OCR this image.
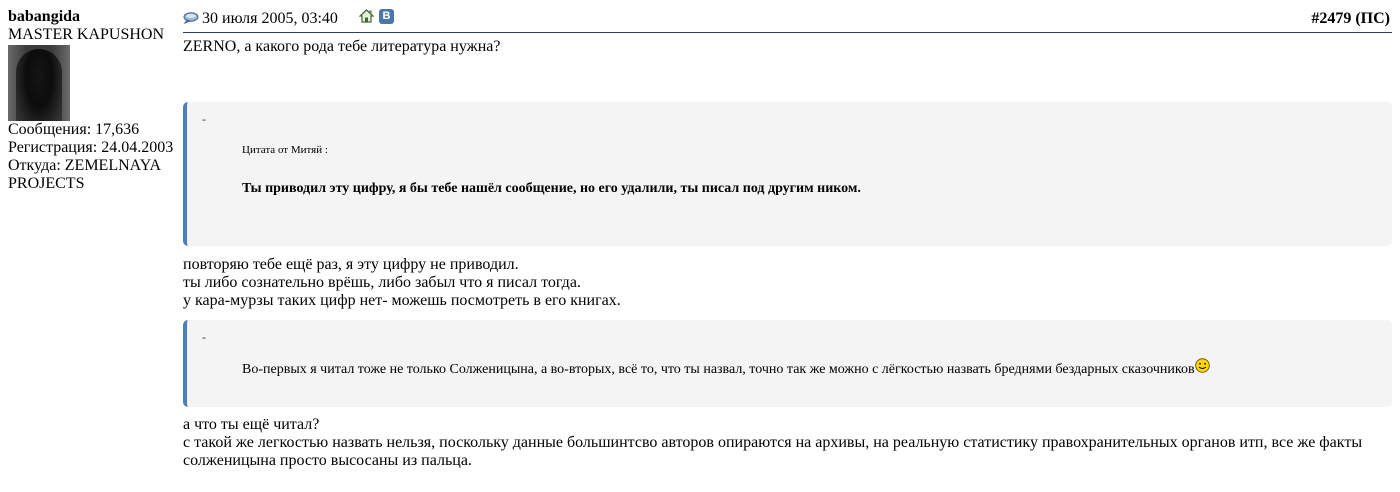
babangida
MASTER KAPUSHON
Сообщения: 17,636
Регистрация: 24.04.2003
Откуда: ZEMELNAYA PROJECTS
30 июля 2005, 03:40	B	#2479 (ПС)
ZERNO, а какого рода тебе литература нужна?
-
Цитата от Митяй :
Ты приводил эту цифру, я бы тебе нашёл сообщение, но его удалили, ты писал под другим ником.
повторяю тебе ещё раз, я эту цифру не приводил.
ты либо сознательно врёшь, либо забыл что я писал тогда.
у кара-мурзы таких цифр нет- можешь посмотреть в его книгах.
-
Во-первых я читал тоже не только Солженицына, а во-вторых, всё то, что ты назвал, точно так же можно с лёгкостью назвать бреднями бездарных сказочников
а что ты ещё читал?
с такой же легкостью назвать нельзя, поскольку данные большинтсво авторов опираются на архивы, на реальную статистику правохранительных органов итп, все же факты солженицына просто высосаны из пальца.
